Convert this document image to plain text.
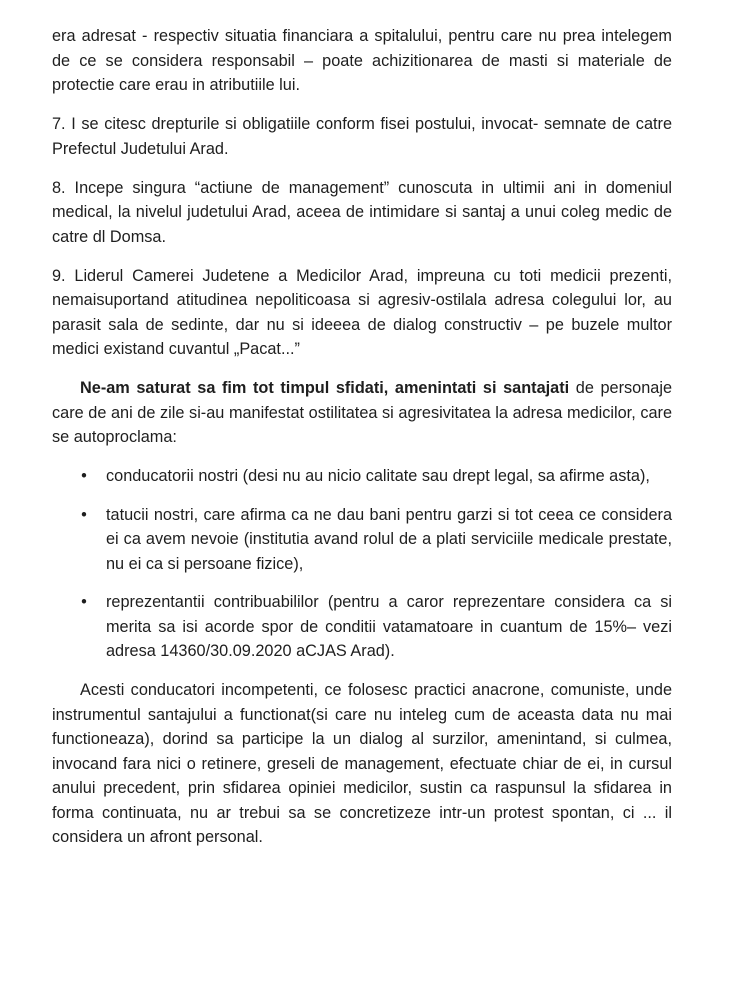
era adresat - respectiv situatia financiara a spitalului, pentru care nu prea intelegem de ce se considera responsabil – poate achizitionarea de masti si materiale de protectie care erau in atributiile lui.

7. I se citesc drepturile si obligatiile conform fisei postului, invocat- semnate de catre Prefectul Judetului Arad.

8. Incepe singura “actiune de management” cunoscuta in ultimii ani in domeniul medical, la nivelul judetului Arad, aceea de intimidare si santaj a unui coleg medic de catre dl Domsa.

9. Liderul Camerei Judetene a Medicilor Arad, impreuna cu toti medicii prezenti, nemaisuportand atitudinea nepoliticoasa si agresiv-ostilala adresa colegului lor, au parasit sala de sedinte, dar nu si ideeea de dialog constructiv – pe buzele multor medici existand cuvantul „Pacat...”

Ne-am saturat sa fim tot timpul sfidati, amenintati si santajati de personaje care de ani de zile si-au manifestat ostilitatea si agresivitatea la adresa medicilor, care se autoproclama:

• conducatorii nostri (desi nu au nicio calitate sau drept legal, sa afirme asta),
• tatucii nostri, care afirma ca ne dau bani pentru garzi si tot ceea ce considera ei ca avem nevoie (institutia avand rolul de a plati serviciile medicale prestate, nu ei ca si persoane fizice),
• reprezentantii contribuabililor (pentru a caror reprezentare considera ca si merita sa isi acorde spor de conditii vatamatoare in cuantum de 15%– vezi adresa 14360/30.09.2020 aCJAS Arad).

Acesti conducatori incompetenti, ce folosesc practici anacrone, comuniste, unde instrumentul santajului a functionat(si care nu inteleg cum de aceasta data nu mai functioneaza), dorind sa participe la un dialog al surzilor, amenintand, si culmea, invocand fara nici o retinere, greseli de management, efectuate chiar de ei, in cursul anului precedent, prin sfidarea opiniei medicilor, sustin ca raspunsul la sfidarea in forma continuata, nu ar trebui sa se concretizeze intr-un protest spontan, ci ... il considera un afront personal.
